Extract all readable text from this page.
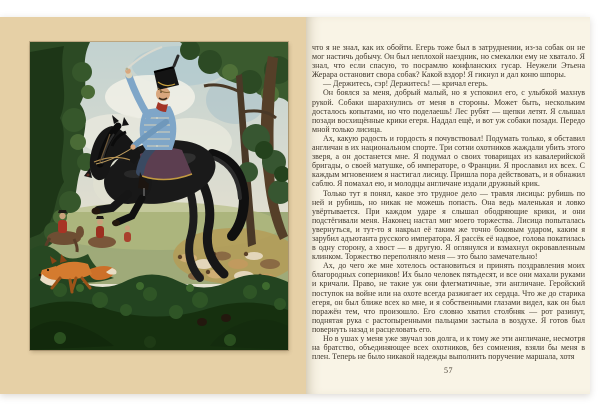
что я не знал, как их обойти. Егерь тоже был в затруднении, из-за собак он не мог настичь добычу. Он был неплохой наездник, но смекалки ему не хватало. Я знал, что если спасую, то посрамлю конфланских гусар. Неужели Этьена Жерара остановит свора собак? Какой вздор! Я гикнул и дал коню шпоры.

— Держитесь, сэр! Держитесь! — кричал егерь.

Он боялся за меня, добрый малый, но я успокоил его, с улыбкой махнув рукой. Собаки шарахнулись от меня в стороны. Может быть, нескольким досталось копытами, но что поделаешь! Лес рубят — щепки летят. Я слышал позади восхищённые крики егеря. Наддал ещё, и вот уж собаки позади. Передо мной только лисица.

Ах, какую радость и гордость я почувствовал! Подумать только, я обставил англичан в их национальном спорте. Три сотни охотников жаждали убить этого зверя, а он достанется мне. Я подумал о своих товарищах из кавалерийской бригады, о своей матушке, об императоре, о Франции. Я прославил их всех. С каждым мгновением я настигал лисицу. Пришла пора действовать, и я обнажил саблю. Я помахал ею, и молодцы англичане издали дружный крик.

Только тут я понял, какое это трудное дело — травля лисицы: рубишь по ней и рубишь, но никак не можешь попасть. Она ведь маленькая и ловко увёртывается. При каждом ударе я слышал ободряющие крики, и они подстёгивали меня. Наконец настал миг моего торжества. Лисица попыталась увернуться, и тут-то я накрыл её таким же точно боковым ударом, каким я зарубил адъютанта русского императора. Я рассёк её надвое, голова покатилась в одну сторону, а хвост — в другую. Я оглянулся и взмахнул окровавленным клинком. Торжество переполняло меня — это было замечательно!

Ах, до чего же мне хотелось остановиться и принять поздравления моих благородных соперников! Их было человек пятьдесят, и все они махали руками и кричали. Право, не такие уж они флегматичные, эти англичане. Геройский поступок на войне или на охоте всегда разжигает их сердца. Что же до старика егеря, он был ближе всех ко мне, и я собственными глазами видел, как он был поражён тем, что произошло. Его словно хватил столбняк — рот разинут, поднятая рука с растопыренными пальцами застыла в воздухе. Я готов был повернуть назад и расцеловать его.

Но в ушах у меня уже звучал зов долга, и к тому же эти англичане, несмотря на братство, объединяющее всех охотников, без сомнения, взяли бы меня в плен. Теперь не было никакой надежды выполнить поручение маршала, хотя

57
